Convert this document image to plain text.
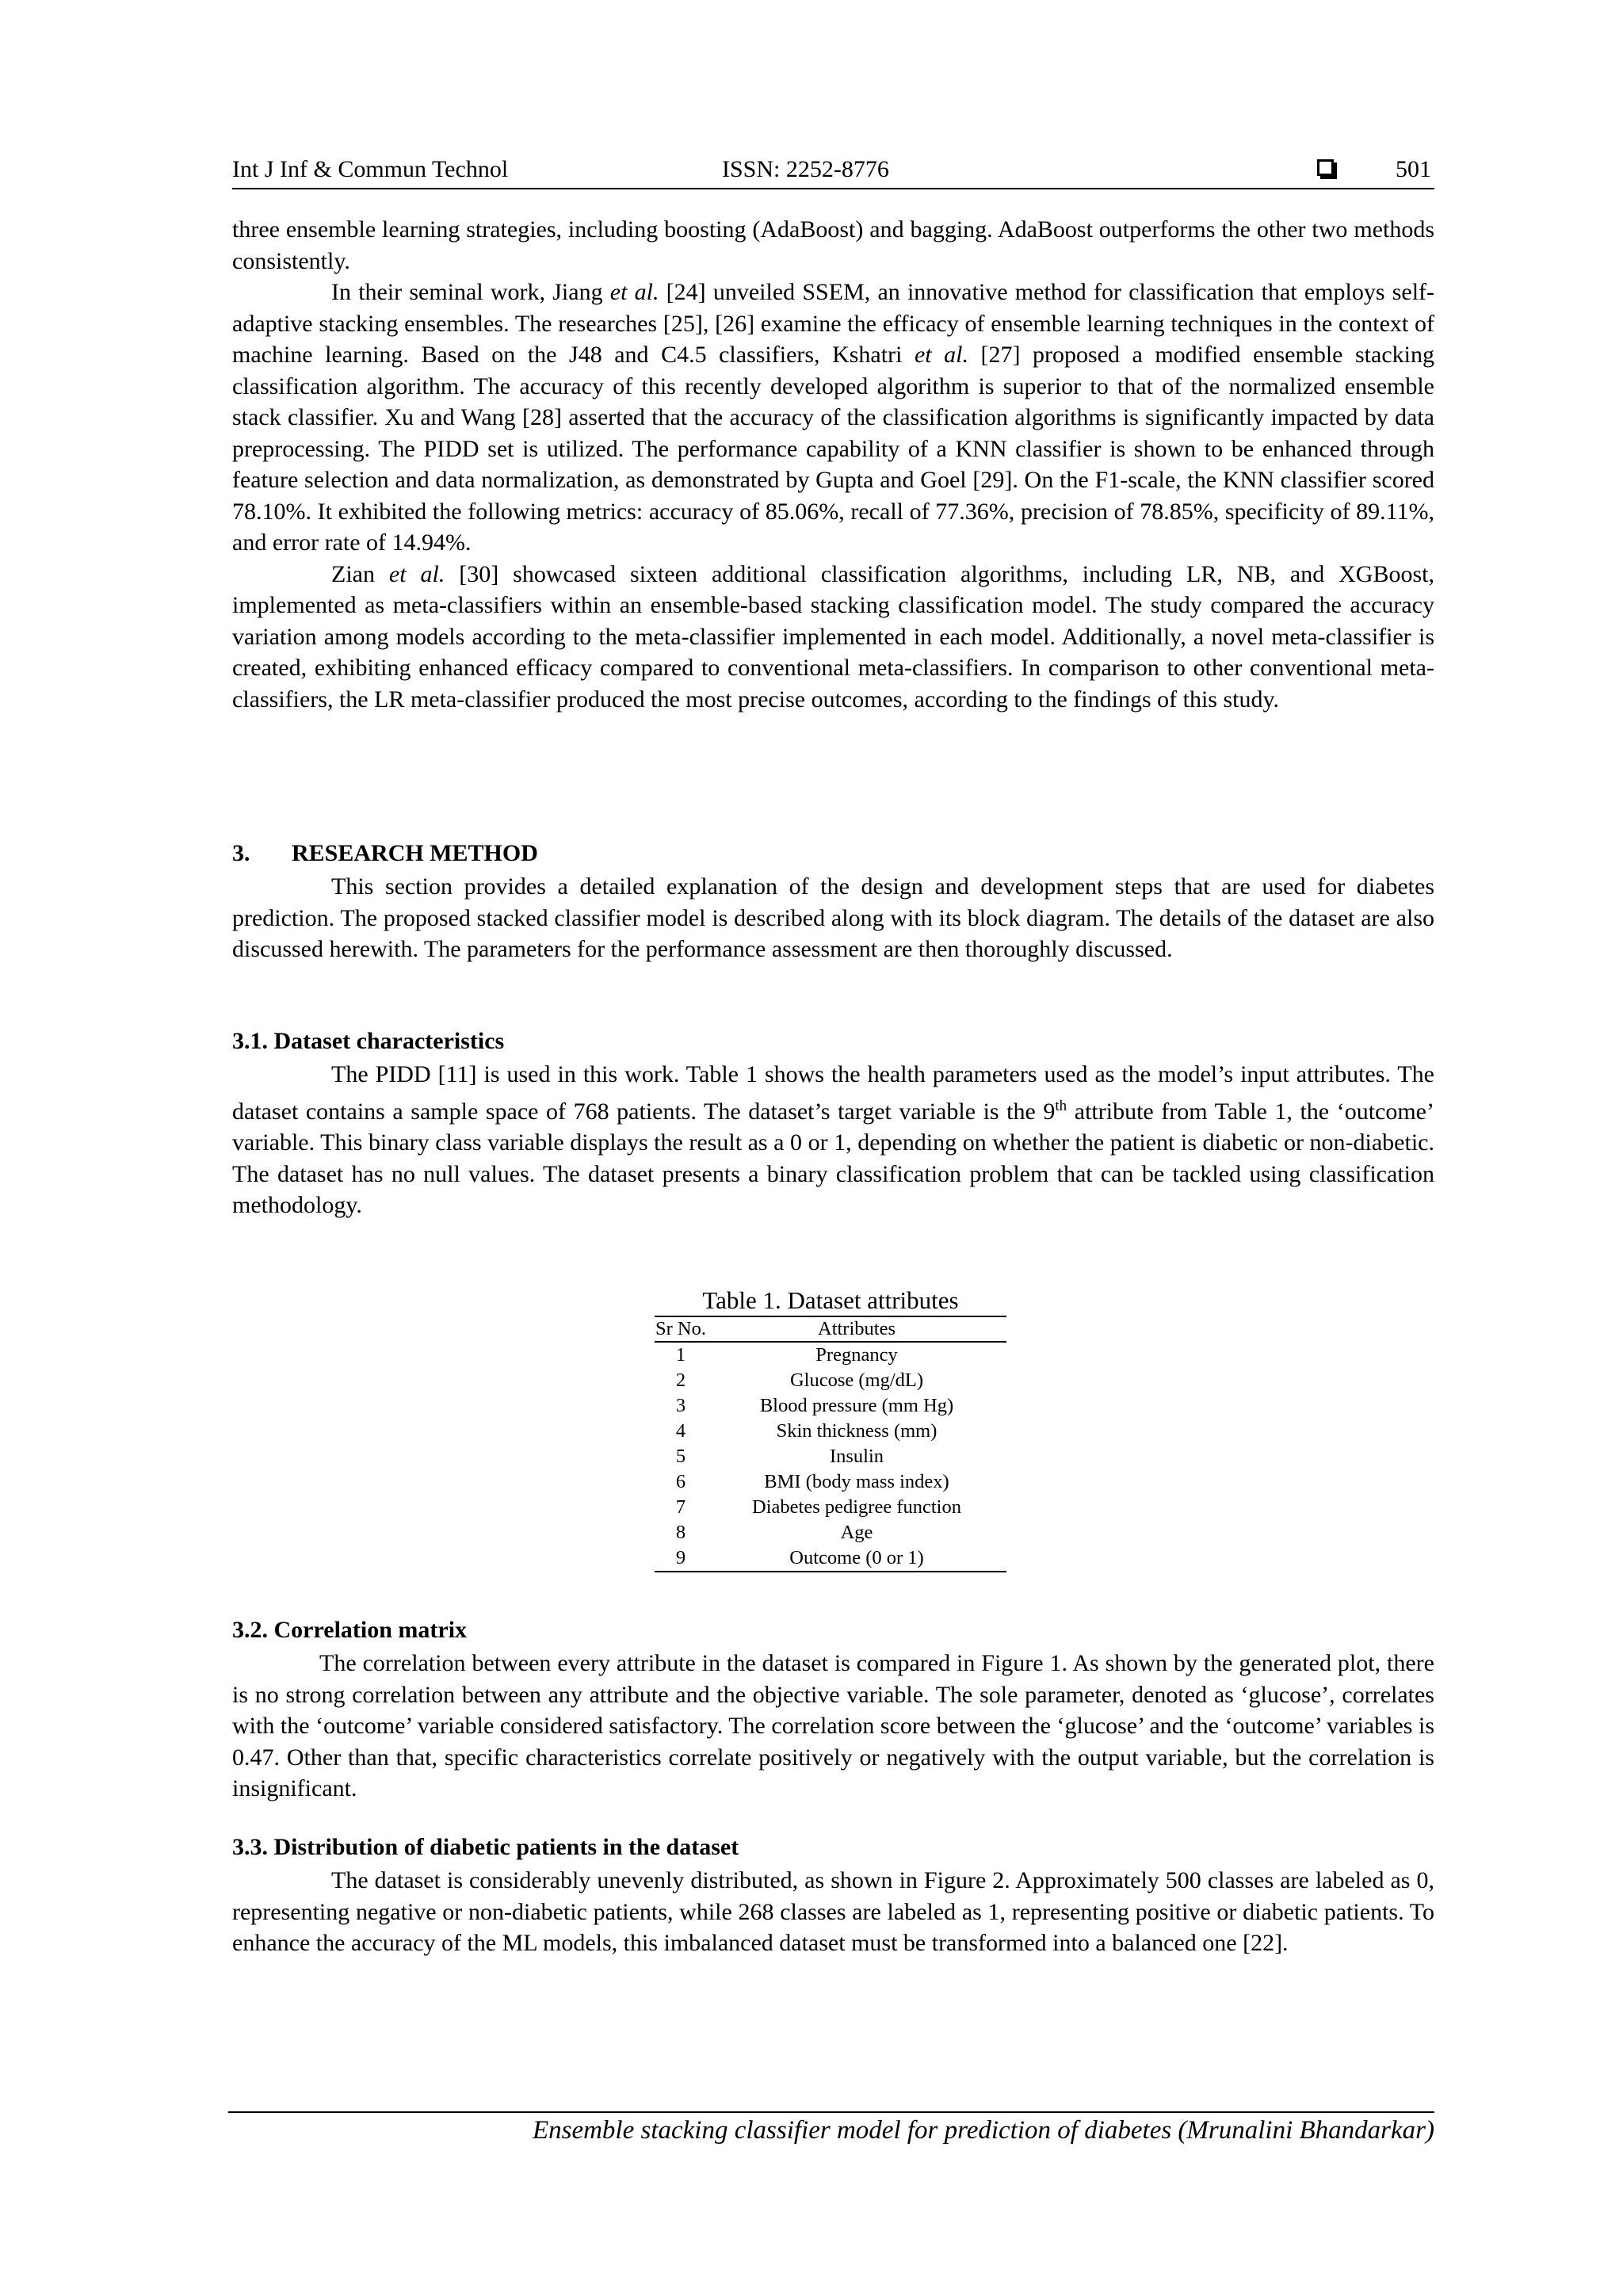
Int J Inf & Commun Technol	ISSN: 2252-8776	501

three ensemble learning strategies, including boosting (AdaBoost) and bagging. AdaBoost outperforms the other two methods consistently.

In their seminal work, Jiang et al. [24] unveiled SSEM, an innovative method for classification that employs self-adaptive stacking ensembles. The researches [25], [26] examine the efficacy of ensemble learning techniques in the context of machine learning. Based on the J48 and C4.5 classifiers, Kshatri et al. [27] proposed a modified ensemble stacking classification algorithm. The accuracy of this recently developed algorithm is superior to that of the normalized ensemble stack classifier. Xu and Wang [28] asserted that the accuracy of the classification algorithms is significantly impacted by data preprocessing. The PIDD set is utilized. The performance capability of a KNN classifier is shown to be enhanced through feature selection and data normalization, as demonstrated by Gupta and Goel [29]. On the F1-scale, the KNN classifier scored 78.10%. It exhibited the following metrics: accuracy of 85.06%, recall of 77.36%, precision of 78.85%, specificity of 89.11%, and error rate of 14.94%.

Zian et al. [30] showcased sixteen additional classification algorithms, including LR, NB, and XGBoost, implemented as meta-classifiers within an ensemble-based stacking classification model. The study compared the accuracy variation among models according to the meta-classifier implemented in each model. Additionally, a novel meta-classifier is created, exhibiting enhanced efficacy compared to conventional meta-classifiers. In comparison to other conventional meta-classifiers, the LR meta-classifier produced the most precise outcomes, according to the findings of this study.

3. RESEARCH METHOD

This section provides a detailed explanation of the design and development steps that are used for diabetes prediction. The proposed stacked classifier model is described along with its block diagram. The details of the dataset are also discussed herewith. The parameters for the performance assessment are then thoroughly discussed.

3.1. Dataset characteristics

The PIDD [11] is used in this work. Table 1 shows the health parameters used as the model’s input attributes. The dataset contains a sample space of 768 patients. The dataset’s target variable is the 9th attribute from Table 1, the ‘outcome’ variable. This binary class variable displays the result as a 0 or 1, depending on whether the patient is diabetic or non-diabetic. The dataset has no null values. The dataset presents a binary classification problem that can be tackled using classification methodology.

Table 1. Dataset attributes
Sr No.	Attributes
1	Pregnancy
2	Glucose (mg/dL)
3	Blood pressure (mm Hg)
4	Skin thickness (mm)
5	Insulin
6	BMI (body mass index)
7	Diabetes pedigree function
8	Age
9	Outcome (0 or 1)
3.2. Correlation matrix

The correlation between every attribute in the dataset is compared in Figure 1. As shown by the generated plot, there is no strong correlation between any attribute and the objective variable. The sole parameter, denoted as ‘glucose’, correlates with the ‘outcome’ variable considered satisfactory. The correlation score between the ‘glucose’ and the ‘outcome’ variables is 0.47. Other than that, specific characteristics correlate positively or negatively with the output variable, but the correlation is insignificant.

3.3. Distribution of diabetic patients in the dataset

The dataset is considerably unevenly distributed, as shown in Figure 2. Approximately 500 classes are labeled as 0, representing negative or non-diabetic patients, while 268 classes are labeled as 1, representing positive or diabetic patients. To enhance the accuracy of the ML models, this imbalanced dataset must be transformed into a balanced one [22].

Ensemble stacking classifier model for prediction of diabetes (Mrunalini Bhandarkar)
